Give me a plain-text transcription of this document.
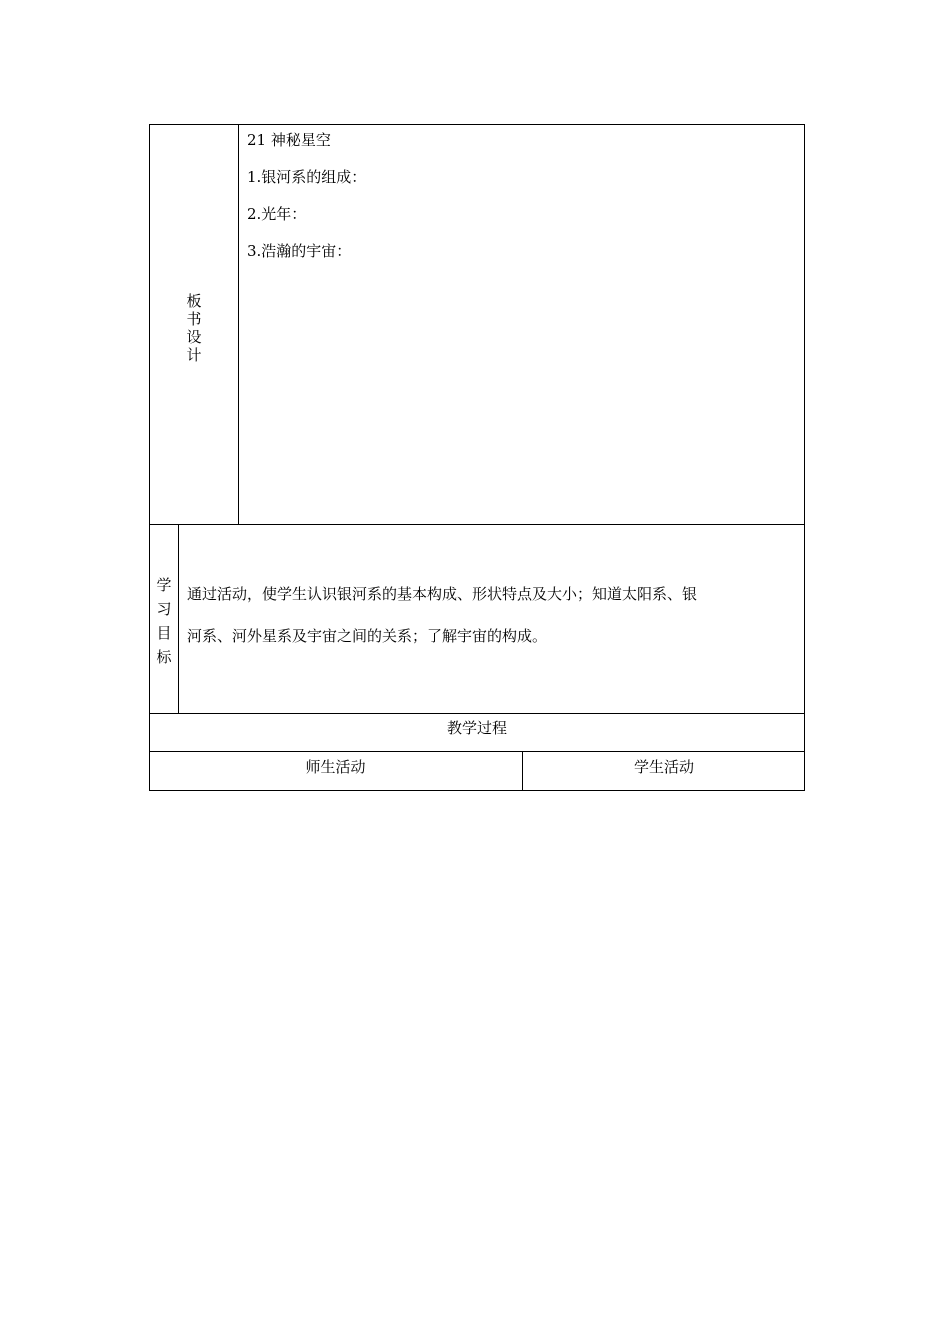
板
书
设
计
21 神秘星空
1.银河系的组成：
2.光年：
3.浩瀚的宇宙：
学
习
目
标
通过活动，使学生认识银河系的基本构成、形状特点及大小；知道太阳系、银
河系、河外星系及宇宙之间的关系；了解宇宙的构成。
教学过程
师生活动	学生活动
